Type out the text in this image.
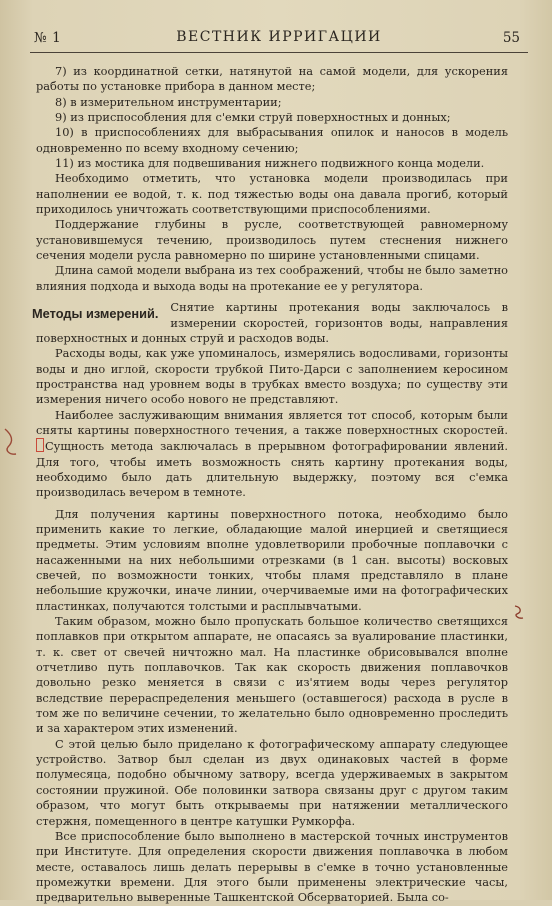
№ 1	ВЕСТНИК ИРРИГАЦИИ	55

7) из координатной сетки, натянутой на самой модели, для ускорения работы по установке прибора в данном месте;

8) в измерительном инструментарии;

9) из приспособления для с'емки струй поверхностных и донных;

10) в приспособлениях для выбрасывания опилок и наносов в модель одновременно по всему входному сечению;

11) из мостика для подвешивания нижнего подвижного конца модели.

Необходимо отметить, что установка модели производилась при наполнении ее водой, т. к. под тяжестью воды она давала прогиб, который приходилось уничтожать соответствующими приспособлениями.

Поддержание глубины в русле, соответствующей равномерному установившемуся течению, производилось путем стеснения нижнего сечения модели русла равномерно по ширине установленными спицами.

Длина самой модели выбрана из тех соображений, чтобы не было заметно влияния подхода и выхода воды на протекание ее у регулятора.

Методы измерений. Снятие картины протекания воды заключалось в измерении скоростей, горизонтов воды, направления поверхностных и донных струй и расходов воды.

Расходы воды, как уже упоминалось, измерялись водосливами, горизонты воды и дно иглой, скорости трубкой Пито-Дарси с заполнением керосином пространства над уровнем воды в трубках вместо воздуха; по существу эти измерения ничего особо нового не представляют.

Наиболее заслуживающим внимания является тот способ, которым были сняты картины поверхностного течения, а также поверхностных скоростей. Сущность метода заключалась в прерывном фотографировании явлений. Для того, чтобы иметь возможность снять картину протекания воды, необходимо было дать длительную выдержку, поэтому вся с'емка производилась вечером в темноте.

Для получения картины поверхностного потока, необходимо было применить какие то легкие, обладающие малой инерцией и светящиеся предметы. Этим условиям вполне удовлетворили пробочные поплавочки с насаженными на них небольшими отрезками (в 1 сан. высоты) восковых свечей, по возможности тонких, чтобы пламя представляло в плане небольшие кружочки, иначе линии, очерчиваемые ими на фотографических пластинках, получаются толстыми и расплывчатыми.

Таким образом, можно было пропускать большое количество светящихся поплавков при открытом аппарате, не опасаясь за вуалирование пластинки, т. к. свет от свечей ничтожно мал. На пластинке обрисовывался вполне отчетливо путь поплавочков. Так как скорость движения поплавочков довольно резко меняется в связи с из'ятием воды через регулятор вследствие перераспределения меньшего (оставшегося) расхода в русле в том же по величине сечении, то желательно было одновременно проследить и за характером этих изменений.

С этой целью было приделано к фотографическому аппарату следующее устройство. Затвор был сделан из двух одинаковых частей в форме полумесяца, подобно обычному затвору, всегда удерживаемых в закрытом состоянии пружиной. Обе половинки затвора связаны друг с другом таким образом, что могут быть открываемы при натяжении металлического стержня, помещенного в центре катушки Румкорфа.

Все приспособление было выполнено в мастерской точных инструментов при Институте. Для определения скорости движения поплавочка в любом месте, оставалось лишь делать перерывы в с'емке в точно установленные промежутки времени. Для этого были применены электрические часы, предварительно выверенные Ташкентской Обсерваторией. Была со-
